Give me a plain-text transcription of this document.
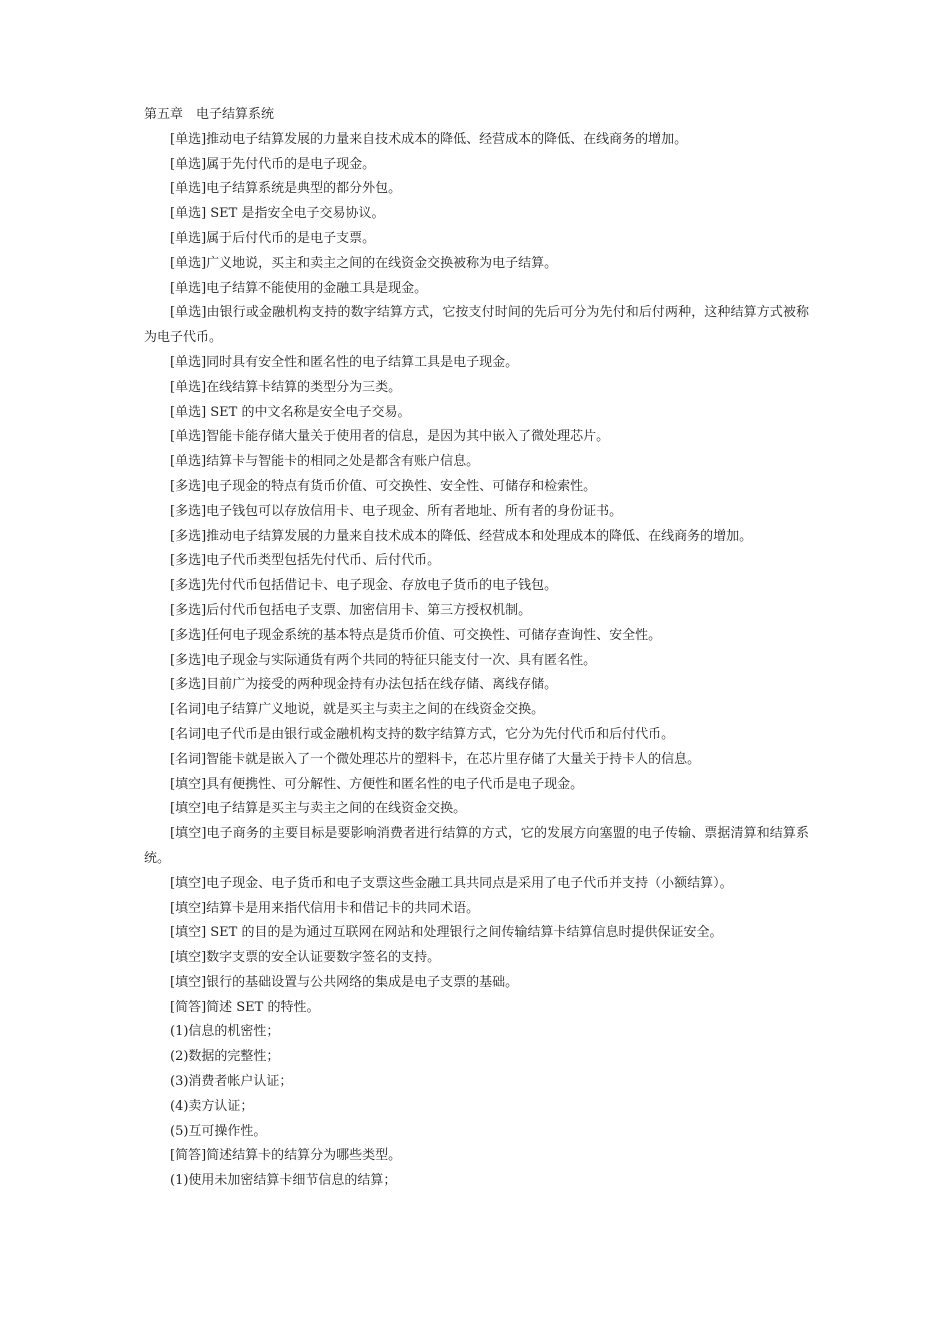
第五章　电子结算系统

[单选]推动电子结算发展的力量来自技术成本的降低、经营成本的降低、在线商务的增加。

[单选]属于先付代币的是电子现金。

[单选]电子结算系统是典型的都分外包。

[单选] SET 是指安全电子交易协议。

[单选]属于后付代币的是电子支票。

[单选]广义地说，买主和卖主之间的在线资金交换被称为电子结算。

[单选]电子结算不能使用的金融工具是现金。

[单选]由银行或金融机构支持的数字结算方式，它按支付时间的先后可分为先付和后付两种，这种结算方式被称为电子代币。

[单选]同时具有安全性和匿名性的电子结算工具是电子现金。

[单选]在线结算卡结算的类型分为三类。

[单选] SET 的中文名称是安全电子交易。

[单选]智能卡能存储大量关于使用者的信息，是因为其中嵌入了微处理芯片。

[单选]结算卡与智能卡的相同之处是都含有账户信息。

[多选]电子现金的特点有货币价值、可交换性、安全性、可储存和检索性。

[多选]电子钱包可以存放信用卡、电子现金、所有者地址、所有者的身份证书。

[多选]推动电子结算发展的力量来自技术成本的降低、经营成本和处理成本的降低、在线商务的增加。

[多选]电子代币类型包括先付代币、后付代币。

[多选]先付代币包括借记卡、电子现金、存放电子货币的电子钱包。

[多选]后付代币包括电子支票、加密信用卡、第三方授权机制。

[多选]任何电子现金系统的基本特点是货币价值、可交换性、可储存查询性、安全性。

[多选]电子现金与实际通货有两个共同的特征只能支付一次、具有匿名性。

[多选]目前广为接受的两种现金持有办法包括在线存储、离线存储。

[名词]电子结算广义地说，就是买主与卖主之间的在线资金交换。

[名词]电子代币是由银行或金融机构支持的数字结算方式，它分为先付代币和后付代币。

[名词]智能卡就是嵌入了一个微处理芯片的塑料卡，在芯片里存储了大量关于持卡人的信息。

[填空]具有便携性、可分解性、方便性和匿名性的电子代币是电子现金。

[填空]电子结算是买主与卖主之间的在线资金交换。

[填空]电子商务的主要目标是要影响消费者进行结算的方式，它的发展方向塞盟的电子传输、票据清算和结算系统。

[填空]电子现金、电子货币和电子支票这些金融工具共同点是采用了电子代币并支持（小额结算）。

[填空]结算卡是用来指代信用卡和借记卡的共同术语。

[填空] SET 的目的是为通过互联网在网站和处理银行之间传输结算卡结算信息时提供保证安全。

[填空]数字支票的安全认证要数字签名的支持。

[填空]银行的基础设置与公共网络的集成是电子支票的基础。

[简答]简述 SET 的特性。

(1)信息的机密性；

(2)数据的完整性；

(3)消费者帐户认证；

(4)卖方认证；

(5)互可操作性。

[简答]简述结算卡的结算分为哪些类型。

(1)使用未加密结算卡细节信息的结算；
